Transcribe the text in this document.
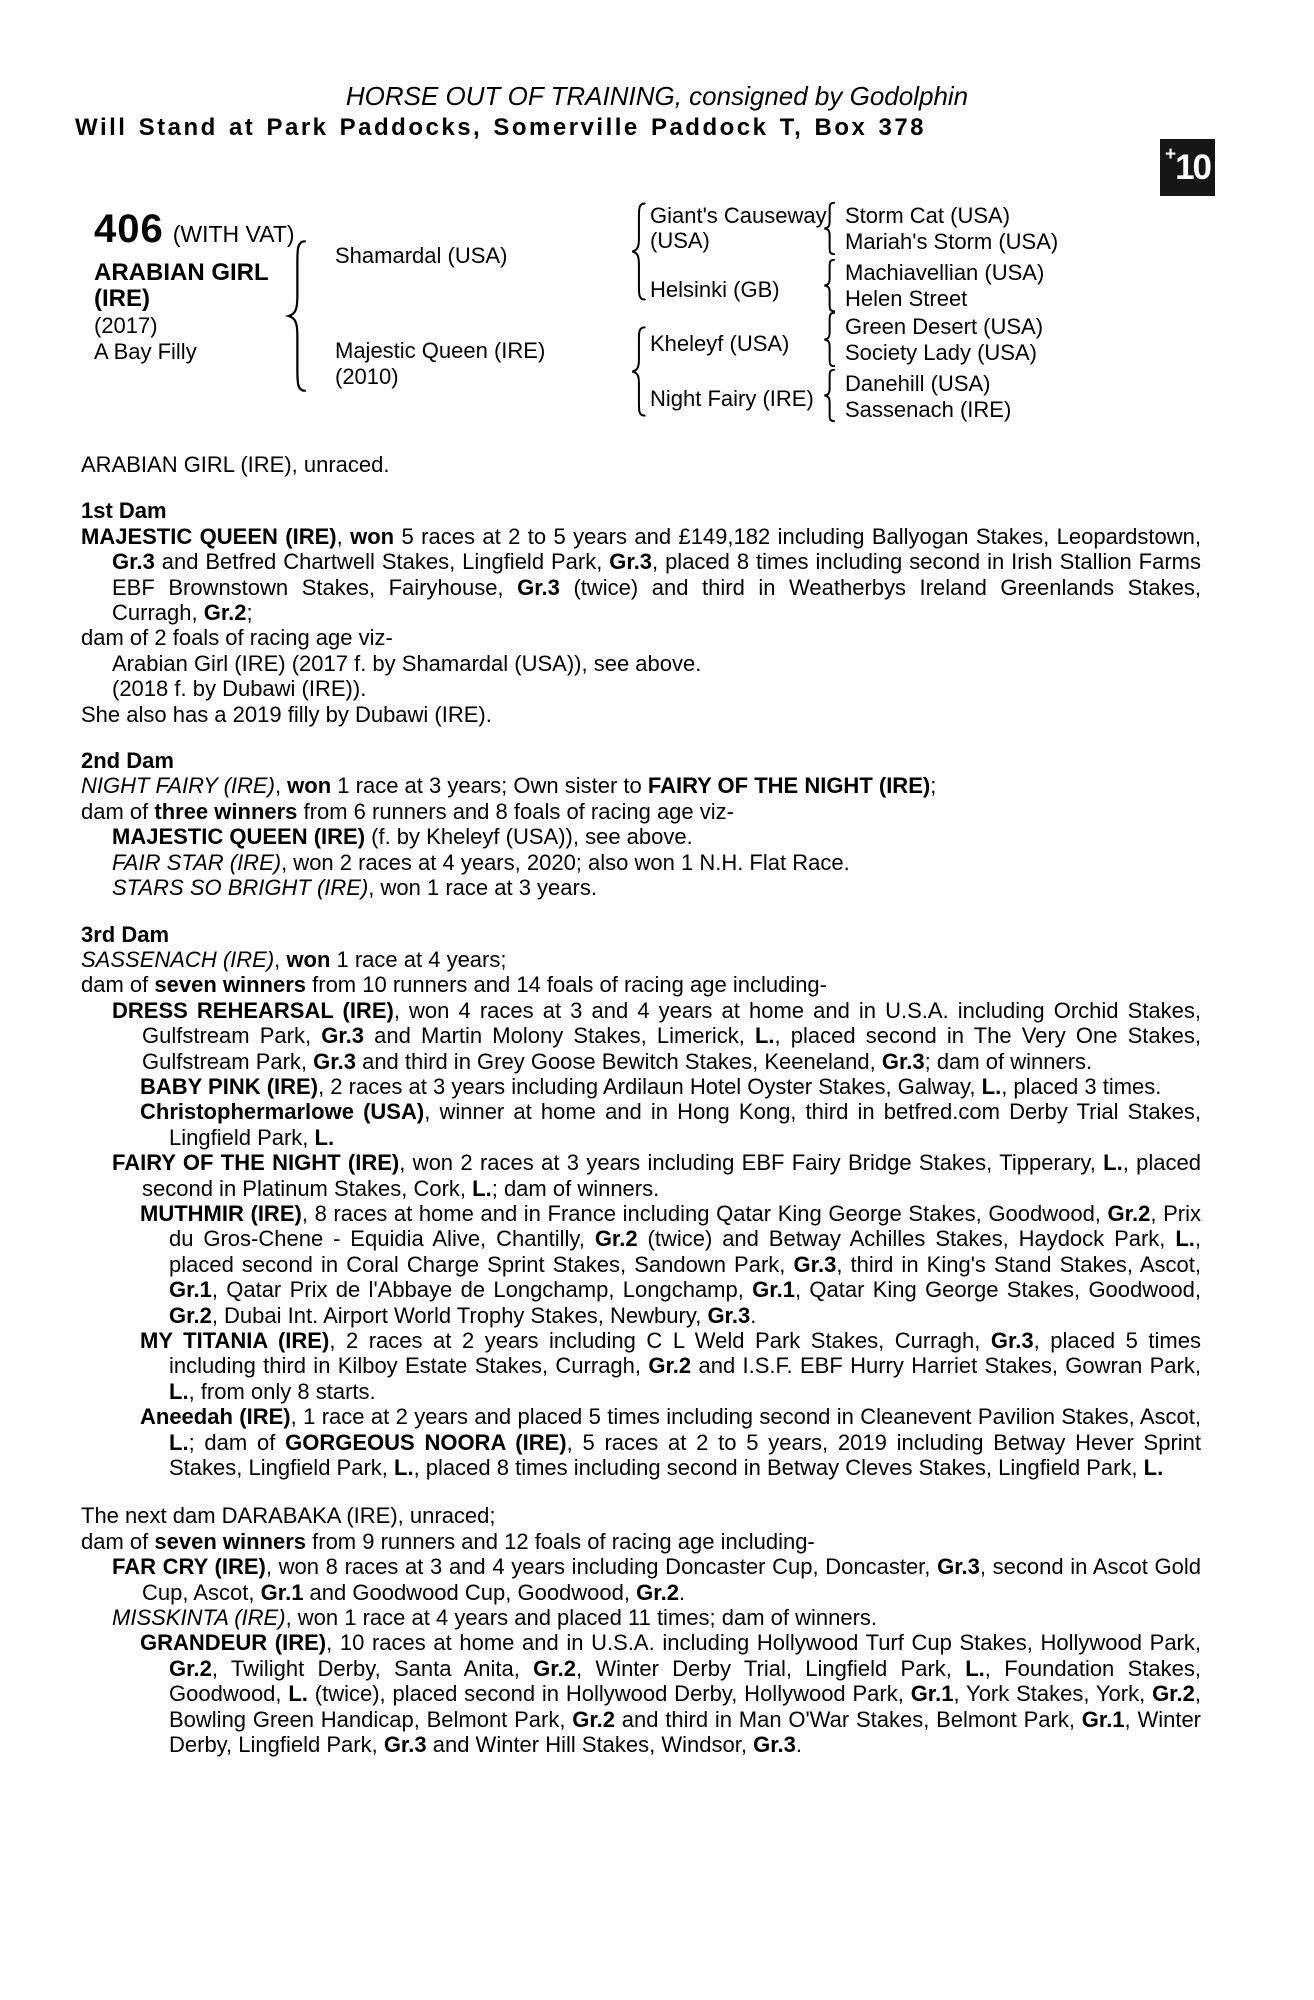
HORSE OUT OF TRAINING, consigned by Godolphin
Will Stand at Park Paddocks, Somerville Paddock T, Box 378
+ 10
406 (WITH VAT)
ARABIAN GIRL
(IRE)
(2017)
A Bay Filly
Shamardal (USA)
Majestic Queen (IRE)
(2010)
Giant's Causeway (USA)
Helsinki (GB)
Kheleyf (USA)
Night Fairy (IRE)
Storm Cat (USA)
Mariah's Storm (USA)
Machiavellian (USA)
Helen Street
Green Desert (USA)
Society Lady (USA)
Danehill (USA)
Sassenach (IRE)
ARABIAN GIRL (IRE), unraced.
1st Dam
MAJESTIC QUEEN (IRE), won 5 races at 2 to 5 years and £149,182 including Ballyogan Stakes, Leopardstown, Gr.3 and Betfred Chartwell Stakes, Lingfield Park, Gr.3, placed 8 times including second in Irish Stallion Farms EBF Brownstown Stakes, Fairyhouse, Gr.3 (twice) and third in Weatherbys Ireland Greenlands Stakes, Curragh, Gr.2;
dam of 2 foals of racing age viz-
Arabian Girl (IRE) (2017 f. by Shamardal (USA)), see above.
(2018 f. by Dubawi (IRE)).
She also has a 2019 filly by Dubawi (IRE).
2nd Dam
NIGHT FAIRY (IRE), won 1 race at 3 years; Own sister to FAIRY OF THE NIGHT (IRE);
dam of three winners from 6 runners and 8 foals of racing age viz-
MAJESTIC QUEEN (IRE) (f. by Kheleyf (USA)), see above.
FAIR STAR (IRE), won 2 races at 4 years, 2020; also won 1 N.H. Flat Race.
STARS SO BRIGHT (IRE), won 1 race at 3 years.
3rd Dam
SASSENACH (IRE), won 1 race at 4 years;
dam of seven winners from 10 runners and 14 foals of racing age including-
DRESS REHEARSAL (IRE), won 4 races at 3 and 4 years at home and in U.S.A. including Orchid Stakes, Gulfstream Park, Gr.3 and Martin Molony Stakes, Limerick, L., placed second in The Very One Stakes, Gulfstream Park, Gr.3 and third in Grey Goose Bewitch Stakes, Keeneland, Gr.3; dam of winners.
BABY PINK (IRE), 2 races at 3 years including Ardilaun Hotel Oyster Stakes, Galway, L., placed 3 times.
Christophermarlowe (USA), winner at home and in Hong Kong, third in betfred.com Derby Trial Stakes, Lingfield Park, L.
FAIRY OF THE NIGHT (IRE), won 2 races at 3 years including EBF Fairy Bridge Stakes, Tipperary, L., placed second in Platinum Stakes, Cork, L.; dam of winners.
MUTHMIR (IRE), 8 races at home and in France including Qatar King George Stakes, Goodwood, Gr.2, Prix du Gros-Chene - Equidia Alive, Chantilly, Gr.2 (twice) and Betway Achilles Stakes, Haydock Park, L., placed second in Coral Charge Sprint Stakes, Sandown Park, Gr.3, third in King's Stand Stakes, Ascot, Gr.1, Qatar Prix de l'Abbaye de Longchamp, Longchamp, Gr.1, Qatar King George Stakes, Goodwood, Gr.2, Dubai Int. Airport World Trophy Stakes, Newbury, Gr.3.
MY TITANIA (IRE), 2 races at 2 years including C L Weld Park Stakes, Curragh, Gr.3, placed 5 times including third in Kilboy Estate Stakes, Curragh, Gr.2 and I.S.F. EBF Hurry Harriet Stakes, Gowran Park, L., from only 8 starts.
Aneedah (IRE), 1 race at 2 years and placed 5 times including second in Cleanevent Pavilion Stakes, Ascot, L.; dam of GORGEOUS NOORA (IRE), 5 races at 2 to 5 years, 2019 including Betway Hever Sprint Stakes, Lingfield Park, L., placed 8 times including second in Betway Cleves Stakes, Lingfield Park, L.
The next dam DARABAKA (IRE), unraced;
dam of seven winners from 9 runners and 12 foals of racing age including-
FAR CRY (IRE), won 8 races at 3 and 4 years including Doncaster Cup, Doncaster, Gr.3, second in Ascot Gold Cup, Ascot, Gr.1 and Goodwood Cup, Goodwood, Gr.2.
MISSKINTA (IRE), won 1 race at 4 years and placed 11 times; dam of winners.
GRANDEUR (IRE), 10 races at home and in U.S.A. including Hollywood Turf Cup Stakes, Hollywood Park, Gr.2, Twilight Derby, Santa Anita, Gr.2, Winter Derby Trial, Lingfield Park, L., Foundation Stakes, Goodwood, L. (twice), placed second in Hollywood Derby, Hollywood Park, Gr.1, York Stakes, York, Gr.2, Bowling Green Handicap, Belmont Park, Gr.2 and third in Man O'War Stakes, Belmont Park, Gr.1, Winter Derby, Lingfield Park, Gr.3 and Winter Hill Stakes, Windsor, Gr.3.
